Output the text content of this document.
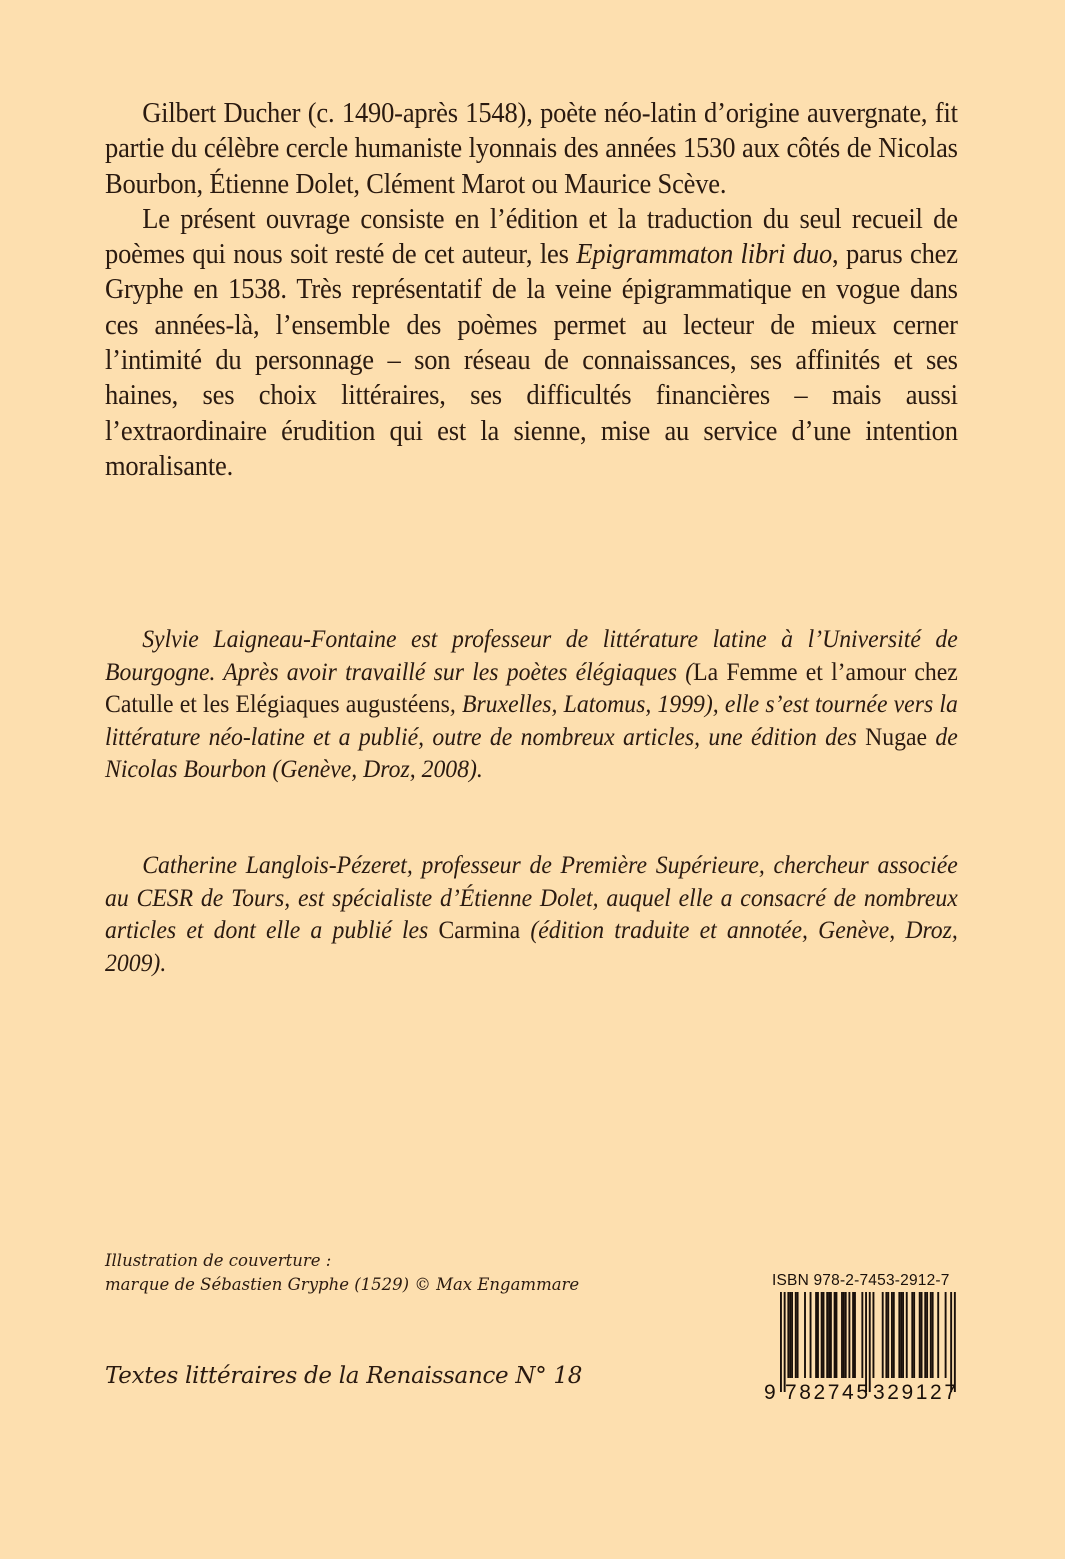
Gilbert Ducher (c. 1490-après 1548), poète néo-latin d’origine auvergnate, fit partie du célèbre cercle humaniste lyonnais des années 1530 aux côtés de Nicolas Bourbon, Étienne Dolet, Clément Marot ou Maurice Scève.

Le présent ouvrage consiste en l’édition et la traduction du seul recueil de poèmes qui nous soit resté de cet auteur, les Epigrammaton libri duo, parus chez Gryphe en 1538. Très représentatif de la veine épigrammatique en vogue dans ces années-là, l’ensemble des poèmes permet au lecteur de mieux cerner l’intimité du personnage – son réseau de connaissances, ses affinités et ses haines, ses choix littéraires, ses difficultés financières – mais aussi l’extraordinaire érudition qui est la sienne, mise au service d’une intention moralisante.

Sylvie Laigneau-Fontaine est professeur de littérature latine à l’Université de Bourgogne. Après avoir travaillé sur les poètes élégiaques (La Femme et l’amour chez Catulle et les Elégiaques augustéens, Bruxelles, Latomus, 1999), elle s’est tournée vers la littérature néo-latine et a publié, outre de nombreux articles, une édition des Nugae de Nicolas Bourbon (Genève, Droz, 2008).

Catherine Langlois-Pézeret, professeur de Première Supérieure, chercheur associée au CESR de Tours, est spécialiste d’Étienne Dolet, auquel elle a consacré de nombreux articles et dont elle a publié les Carmina (édition traduite et annotée, Genève, Droz, 2009).

Illustration de couverture :
marque de Sébastien Gryphe (1529) © Max Engammare
Textes littéraires de la Renaissance N° 18
ISBN 978-2-7453-2912-7
9 782745 329127
